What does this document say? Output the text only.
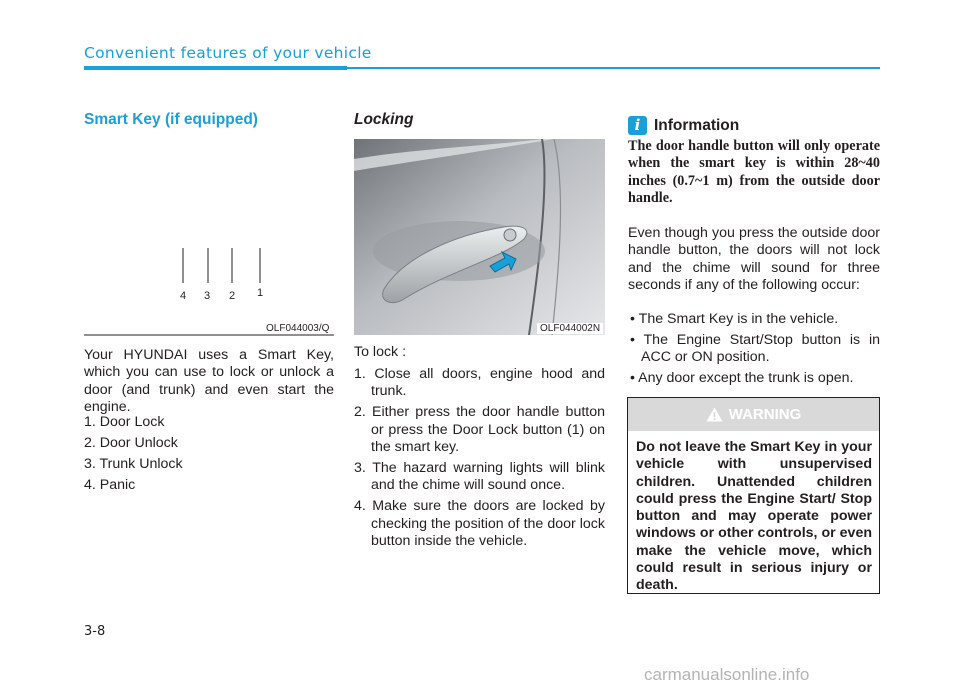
Convenient features of your vehicle
Smart Key (if equipped)
4 3 2 1
OLF044003/Q

Your HYUNDAI uses a Smart Key, which you can use to lock or unlock a door (and trunk) and even start the engine.

1. Door Lock
2. Door Unlock
3. Trunk Unlock
4. Panic
Locking
OLF044002N

To lock :

1. Close all doors, engine hood and trunk.
2. Either press the door handle button or press the Door Lock button (1) on the smart key.
3. The hazard warning lights will blink and the chime will sound once.
4. Make sure the doors are locked by checking the position of the door lock button inside the vehicle.
i Information

The door handle button will only operate when the smart key is within 28~40 inches (0.7~1 m) from the outside door handle.

Even though you press the outside door handle button, the doors will not lock and the chime will sound for three seconds if any of the following occur:

• The Smart Key is in the vehicle.
• The Engine Start/Stop button is in ACC or ON position.
• Any door except the trunk is open.
WARNING

Do not leave the Smart Key in your vehicle with unsupervised children. Unattended children could press the Engine Start/ Stop button and may operate power windows or other controls, or even make the vehicle move, which could result in serious injury or death.

3-8
carmanualsonline.info
